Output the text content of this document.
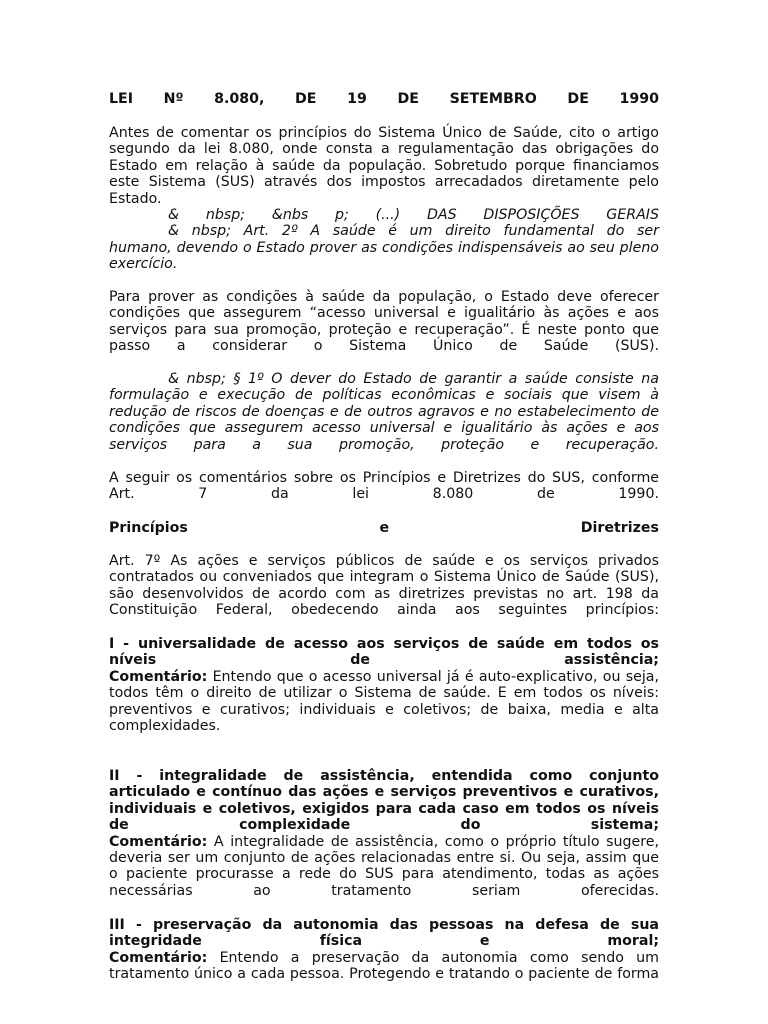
LEI Nº 8.080, DE 19 DE SETEMBRO DE 1990

Antes de comentar os princípios do Sistema Único de Saúde, cito o artigo segundo da lei 8.080, onde consta a regulamentação das obrigações do Estado em relação à saúde da população. Sobretudo porque financiamos este Sistema (SUS) através dos impostos arrecadados diretamente pelo Estado.

& nbsp; &nbs p; (...) DAS DISPOSIÇÕES GERAIS

& nbsp; Art. 2º A saúde é um direito fundamental do ser

humano, devendo o Estado prover as condições indispensáveis ao seu pleno exercício.

Para prover as condições à saúde da população, o Estado deve oferecer condições que assegurem “acesso universal e igualitário às ações e aos serviços para sua promoção, proteção e recuperação”. É neste ponto que passo a considerar o Sistema Único de Saúde (SUS).

& nbsp; § 1º O dever do Estado de garantir a saúde consiste na formulação e execução de políticas econômicas e sociais que visem à redução de riscos de doenças e de outros agravos e no estabelecimento de condições que assegurem acesso universal e igualitário às ações e aos serviços para a sua promoção, proteção e recuperação.

A seguir os comentários sobre os Princípios e Diretrizes do SUS, conforme Art. 7 da lei 8.080 de 1990.

Princípios e Diretrizes

Art. 7º As ações e serviços públicos de saúde e os serviços privados contratados ou conveniados que integram o Sistema Único de Saúde (SUS), são desenvolvidos de acordo com as diretrizes previstas no art. 198 da Constituição Federal, obedecendo ainda aos seguintes princípios:

I - universalidade de acesso aos serviços de saúde em todos os níveis de assistência;

Comentário: Entendo que o acesso universal já é auto-explicativo, ou seja, todos têm o direito de utilizar o Sistema de saúde. E em todos os níveis: preventivos e curativos; individuais e coletivos; de baixa, media e alta complexidades.

II - integralidade de assistência, entendida como conjunto articulado e contínuo das ações e serviços preventivos e curativos, individuais e coletivos, exigidos para cada caso em todos os níveis de complexidade do sistema;

Comentário: A integralidade de assistência, como o próprio título sugere, deveria ser um conjunto de ações relacionadas entre si. Ou seja, assim que o paciente procurasse a rede do SUS para atendimento, todas as ações necessárias ao tratamento seriam oferecidas.

III - preservação da autonomia das pessoas na defesa de sua integridade física e moral;

Comentário: Entendo a preservação da autonomia como sendo um tratamento único a cada pessoa. Protegendo e tratando o paciente de forma
